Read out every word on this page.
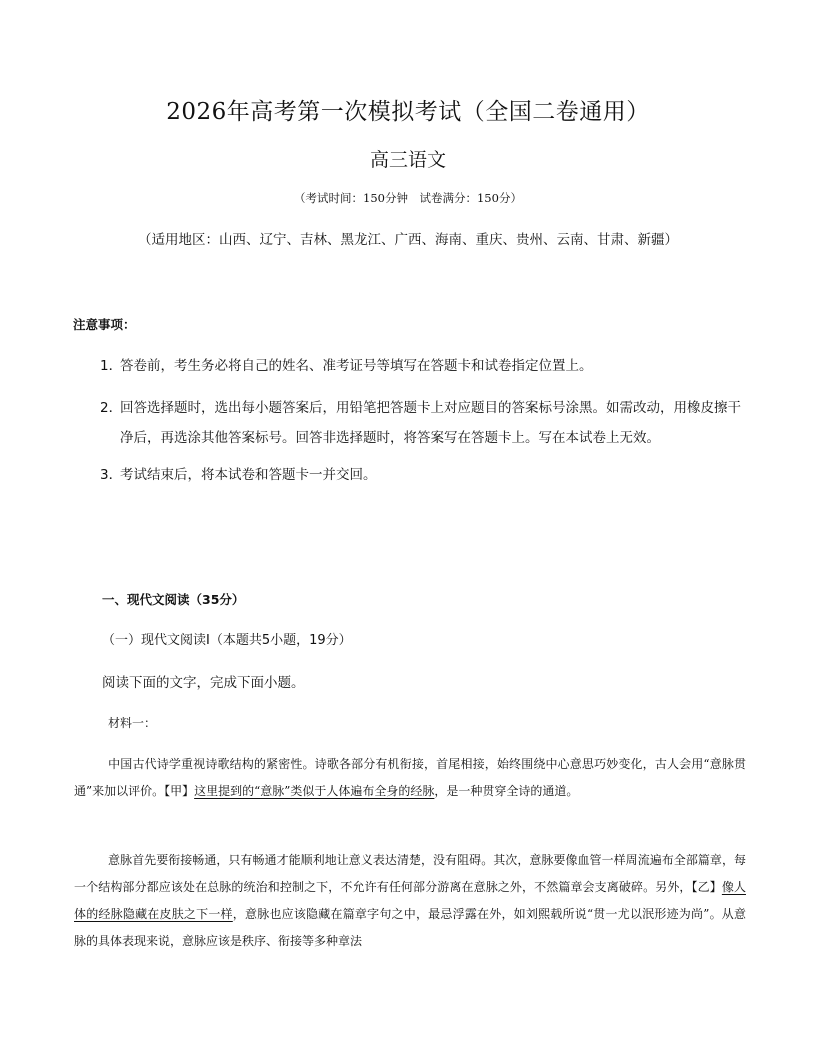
2026年高考第一次模拟考试（全国二卷通用）
高三语文
（考试时间：150分钟　试卷满分：150分）
（适用地区：山西、辽宁、吉林、黑龙江、广西、海南、重庆、贵州、云南、甘肃、新疆）
注意事项：
1．
答卷前，考生务必将自己的姓名、准考证号等填写在答题卡和试卷指定位置上。
2．
回答选择题时，选出每小题答案后，用铅笔把答题卡上对应题目的答案标号涂黑。如需改动，用橡皮擦干净后，再选涂其他答案标号。回答非选择题时，将答案写在答题卡上。写在本试卷上无效。
3．
考试结束后，将本试卷和答题卡一并交回。
一、现代文阅读（35分）
（一）现代文阅读Ⅰ（本题共5小题，19分）
阅读下面的文字，完成下面小题。
材料一：
中国古代诗学重视诗歌结构的紧密性。诗歌各部分有机衔接，首尾相接，始终围绕中心意思巧妙变化，古人会用“意脉贯通”来加以评价。【甲】这里提到的“意脉”类似于人体遍布全身的经脉，是一种贯穿全诗的通道。
意脉首先要衔接畅通，只有畅通才能顺利地让意义表达清楚，没有阻碍。其次，意脉要像血管一样周流遍布全部篇章，每一个结构部分都应该处在总脉的统治和控制之下，不允许有任何部分游离在意脉之外，不然篇章会支离破碎。另外，【乙】像人体的经脉隐藏在皮肤之下一样，意脉也应该隐藏在篇章字句之中，最忌浮露在外，如刘熙载所说“贯一尤以泯形迹为尚”。从意脉的具体表现来说，意脉应该是秩序、衔接等多种章法
